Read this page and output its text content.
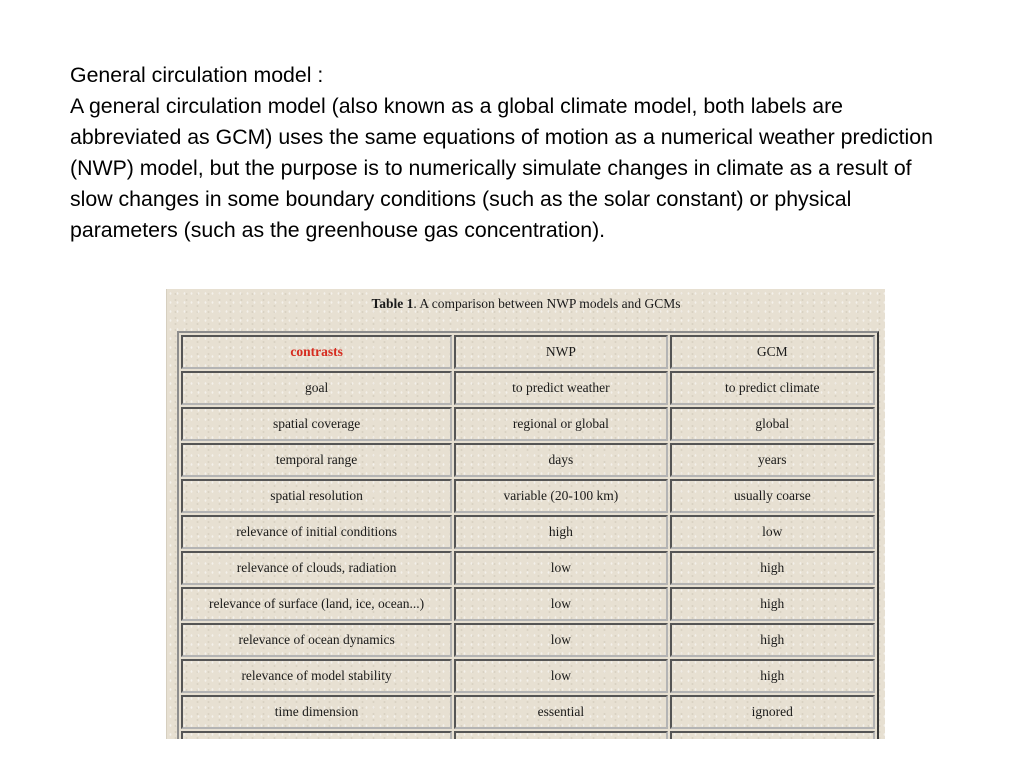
General circulation model :

A general circulation model (also known as a global climate model, both labels are abbreviated as GCM) uses the same equations of motion as a numerical weather prediction (NWP) model, but the purpose is to numerically simulate changes in climate as a result of slow changes in some boundary conditions (such as the solar constant) or physical parameters (such as the greenhouse gas concentration).

Table 1. A comparison between NWP models and GCMs
contrasts	NWP	GCM
goal	to predict weather	to predict climate
spatial coverage	regional or global	global
temporal range	days	years
spatial resolution	variable (20-100 km)	usually coarse
relevance of initial conditions	high	low
relevance of clouds, radiation	low	high
relevance of surface (land, ice, ocean...)	low	high
relevance of ocean dynamics	low	high
relevance of model stability	low	high
time dimension	essential	ignored
